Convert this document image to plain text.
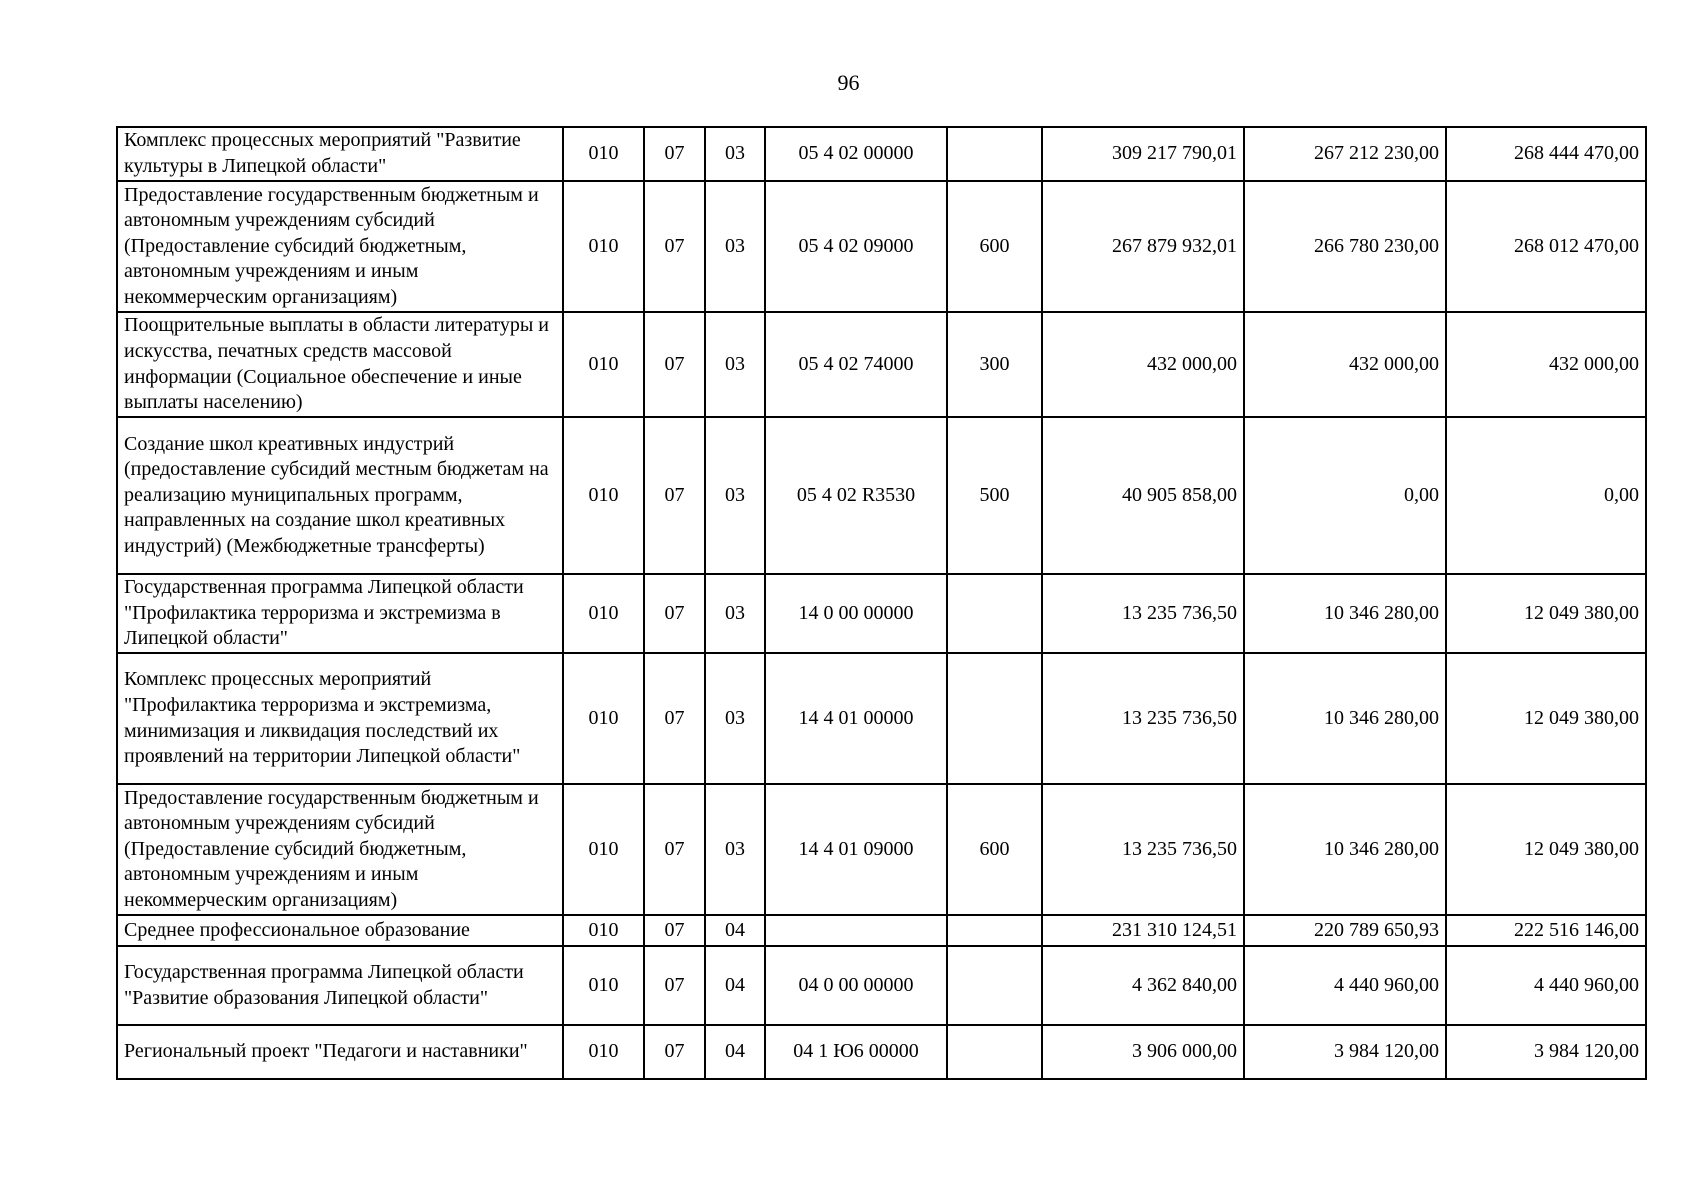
96
Комплекс процессных мероприятий "Развитие культуры в Липецкой области"	010	07	03	05 4 02 00000		309 217 790,01	267 212 230,00	268 444 470,00
Предоставление государственным бюджетным и автономным учреждениям субсидий (Предоставление субсидий бюджетным, автономным учреждениям и иным некоммерческим организациям)	010	07	03	05 4 02 09000	600	267 879 932,01	266 780 230,00	268 012 470,00
Поощрительные выплаты в области литературы и искусства, печатных средств массовой информации (Социальное обеспечение и иные выплаты населению)	010	07	03	05 4 02 74000	300	432 000,00	432 000,00	432 000,00
Создание школ креативных индустрий (предоставление субсидий местным бюджетам на реализацию муниципальных программ, направленных на создание школ креативных индустрий) (Межбюджетные трансферты)	010	07	03	05 4 02 R3530	500	40 905 858,00	0,00	0,00
Государственная программа Липецкой области "Профилактика терроризма и экстремизма в Липецкой области"	010	07	03	14 0 00 00000		13 235 736,50	10 346 280,00	12 049 380,00
Комплекс процессных мероприятий "Профилактика терроризма и экстремизма, минимизация и ликвидация последствий их проявлений на территории Липецкой области"	010	07	03	14 4 01 00000		13 235 736,50	10 346 280,00	12 049 380,00
Предоставление государственным бюджетным и автономным учреждениям субсидий (Предоставление субсидий бюджетным, автономным учреждениям и иным некоммерческим организациям)	010	07	03	14 4 01 09000	600	13 235 736,50	10 346 280,00	12 049 380,00
Среднее профессиональное образование	010	07	04			231 310 124,51	220 789 650,93	222 516 146,00
Государственная программа Липецкой области "Развитие образования Липецкой области"	010	07	04	04 0 00 00000		4 362 840,00	4 440 960,00	4 440 960,00
Региональный проект "Педагоги и наставники"	010	07	04	04 1 Ю6 00000		3 906 000,00	3 984 120,00	3 984 120,00
